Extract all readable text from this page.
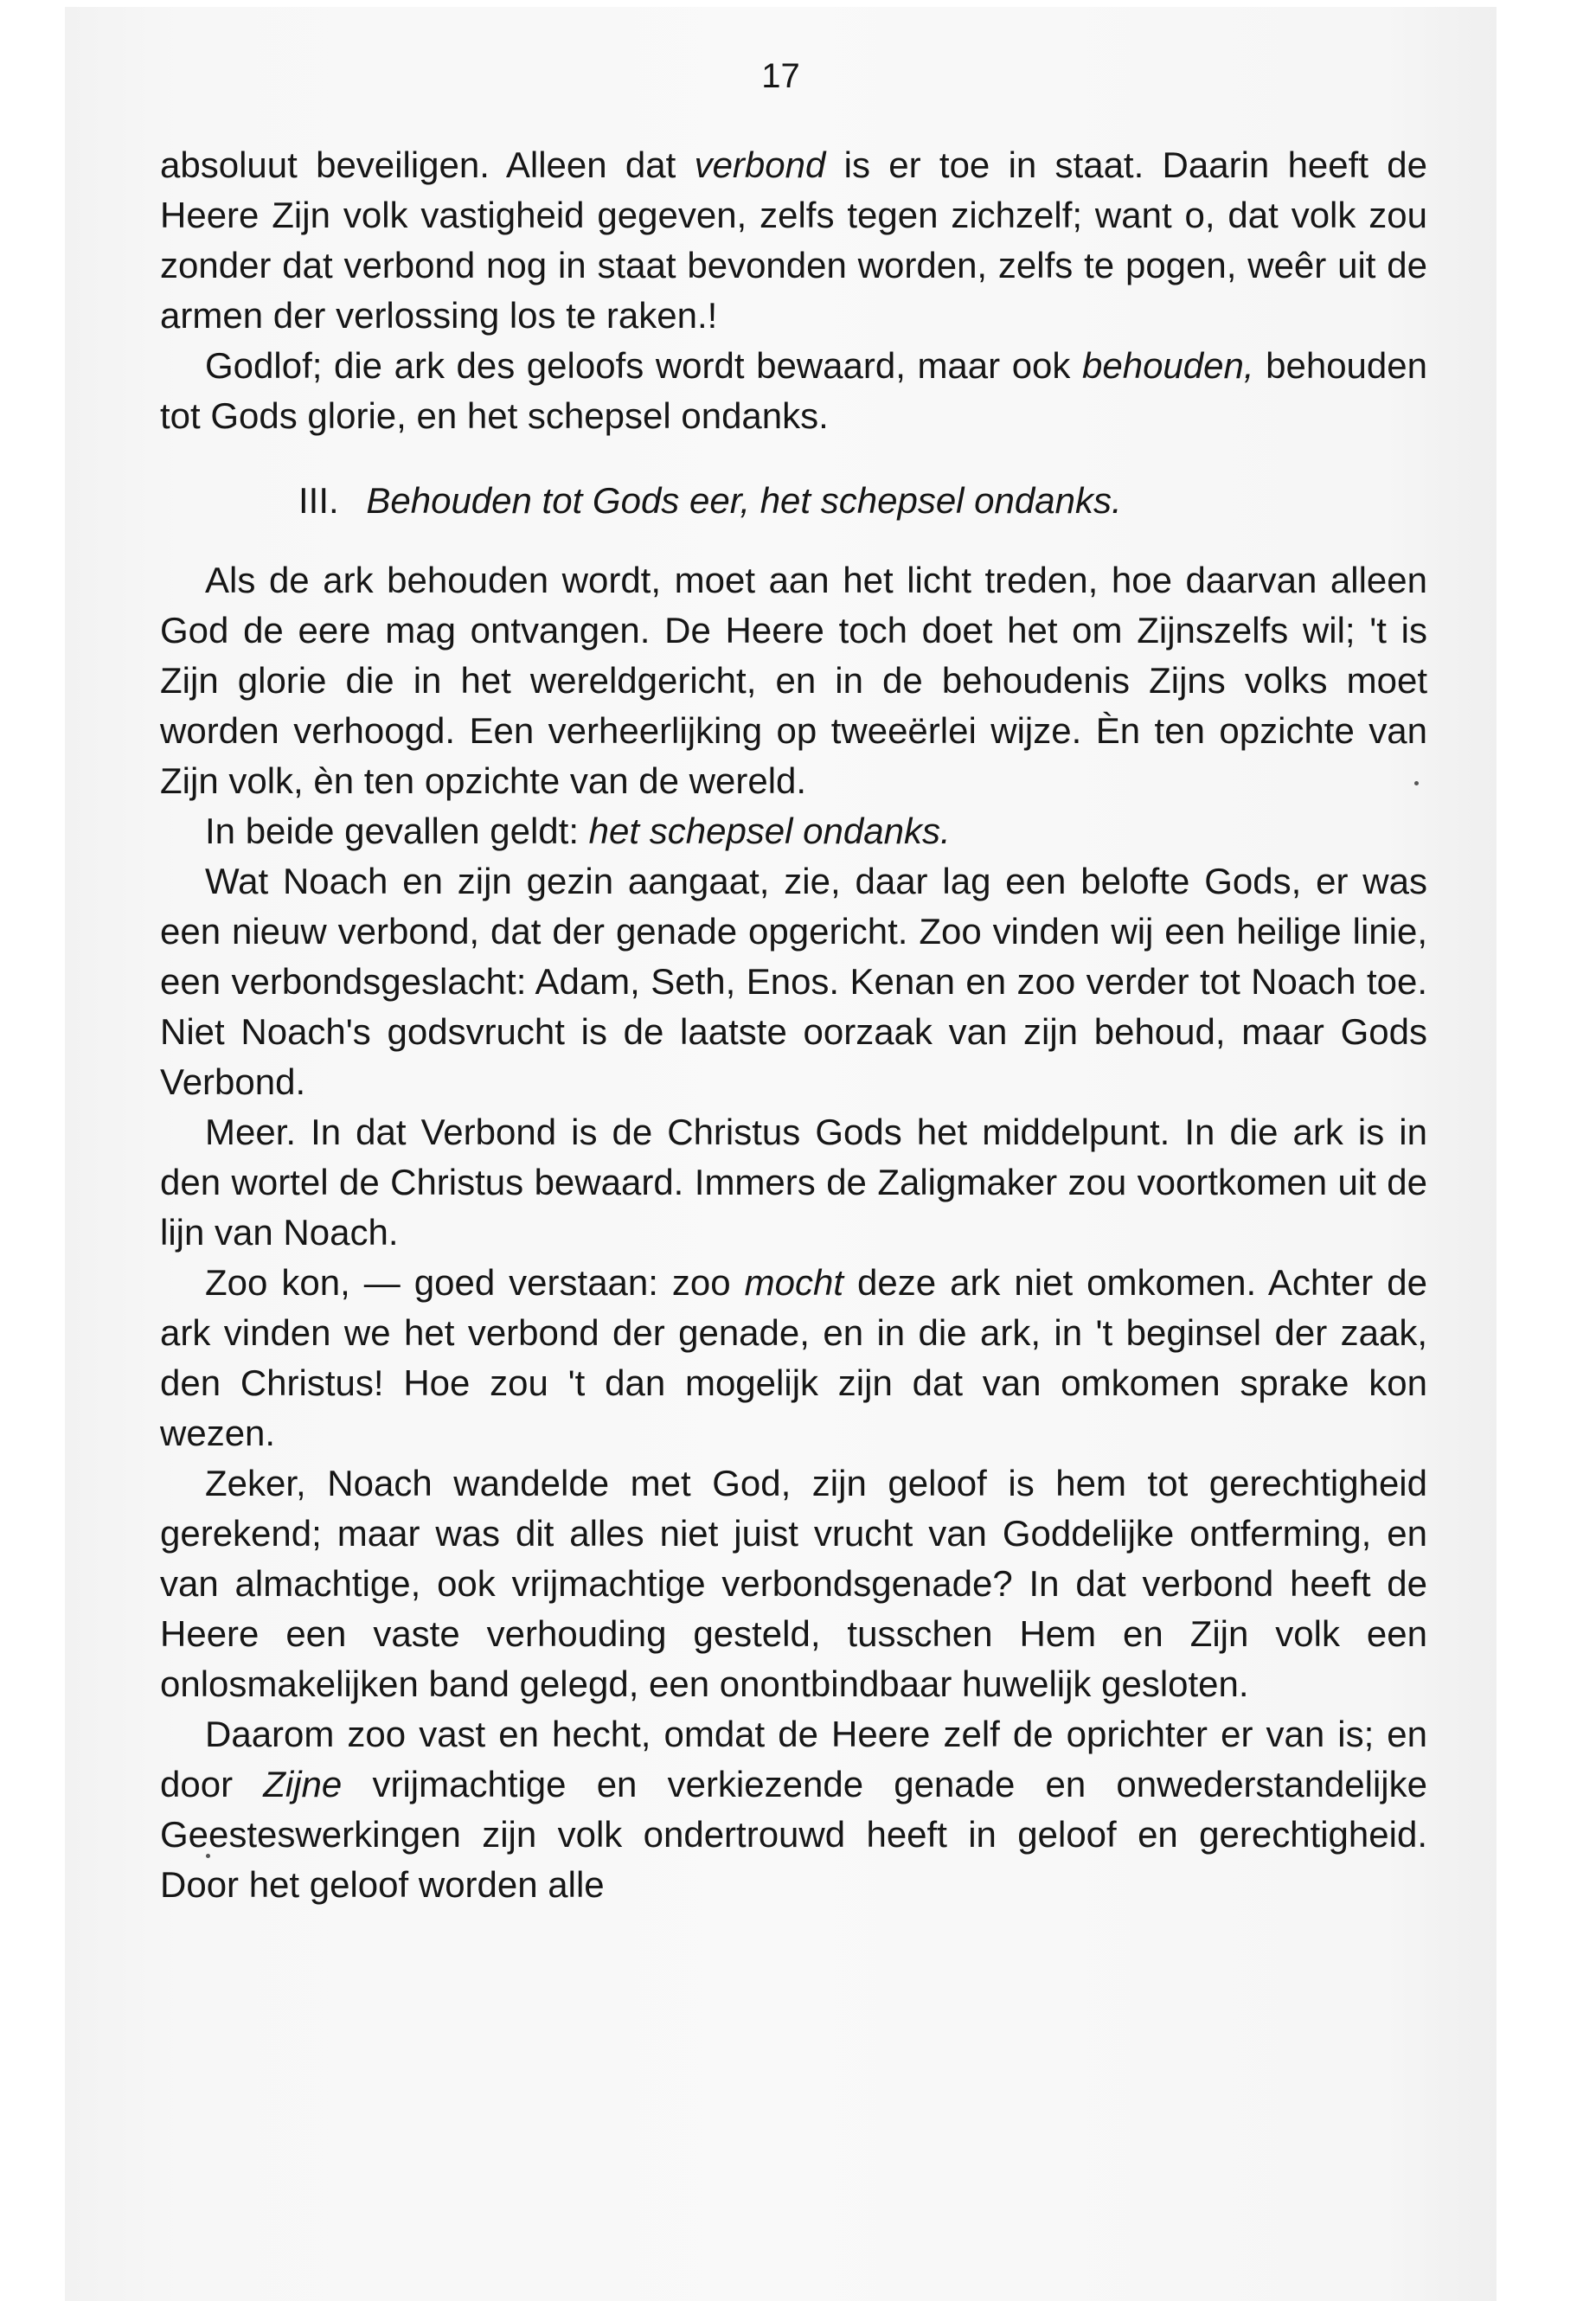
17

absoluut beveiligen. Alleen dat verbond is er toe in staat. Daarin heeft de Heere Zijn volk vastigheid gegeven, zelfs tegen zichzelf; want o, dat volk zou zonder dat verbond nog in staat bevonden worden, zelfs te pogen, weêr uit de armen der verlossing los te raken.!

Godlof; die ark des geloofs wordt bewaard, maar ook behouden, behouden tot Gods glorie, en het schepsel ondanks.

III. Behouden tot Gods eer, het schepsel ondanks.

Als de ark behouden wordt, moet aan het licht treden, hoe daarvan alleen God de eere mag ontvangen. De Heere toch doet het om Zijnszelfs wil; 't is Zijn glorie die in het wereldgericht, en in de behoudenis Zijns volks moet worden verhoogd. Een verheerlijking op tweeërlei wijze. Èn ten opzichte van Zijn volk, èn ten opzichte van de wereld.

In beide gevallen geldt: het schepsel ondanks.

Wat Noach en zijn gezin aangaat, zie, daar lag een belofte Gods, er was een nieuw verbond, dat der genade opgericht. Zoo vinden wij een heilige linie, een verbondsgeslacht: Adam, Seth, Enos. Kenan en zoo verder tot Noach toe. Niet Noach's godsvrucht is de laatste oorzaak van zijn behoud, maar Gods Verbond.

Meer. In dat Verbond is de Christus Gods het middelpunt. In die ark is in den wortel de Christus bewaard. Immers de Zaligmaker zou voortkomen uit de lijn van Noach.

Zoo kon, — goed verstaan: zoo mocht deze ark niet omkomen. Achter de ark vinden we het verbond der genade, en in die ark, in 't beginsel der zaak, den Christus! Hoe zou 't dan mogelijk zijn dat van omkomen sprake kon wezen.

Zeker, Noach wandelde met God, zijn geloof is hem tot gerechtigheid gerekend; maar was dit alles niet juist vrucht van Goddelijke ontferming, en van almachtige, ook vrijmachtige verbondsgenade? In dat verbond heeft de Heere een vaste verhouding gesteld, tusschen Hem en Zijn volk een onlosmakelijken band gelegd, een onontbindbaar huwelijk gesloten.

Daarom zoo vast en hecht, omdat de Heere zelf de oprichter er van is; en door Zijne vrijmachtige en verkiezende genade en onwederstandelijke Geesteswerkingen zijn volk ondertrouwd heeft in geloof en gerechtigheid. Door het geloof worden alle
